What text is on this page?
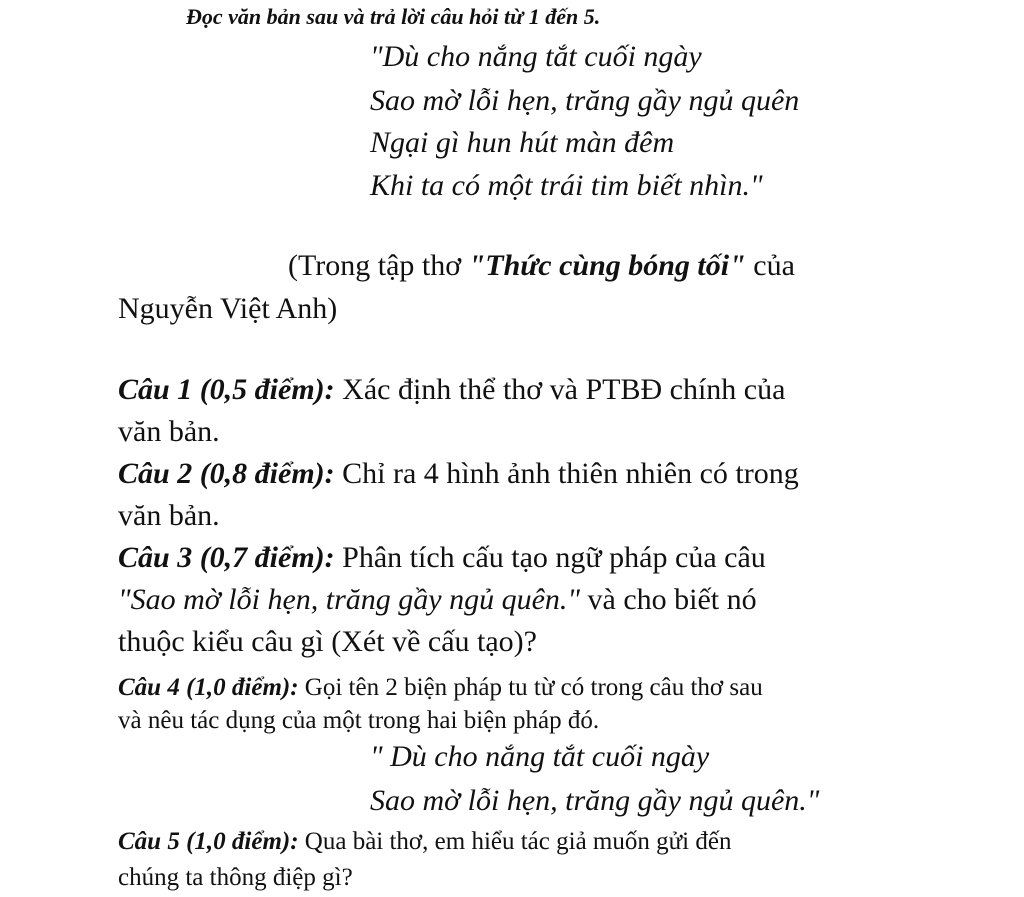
Đọc văn bản sau và trả lời câu hỏi từ 1 đến 5.
"Dù cho nắng tắt cuối ngày
Sao mờ lỗi hẹn, trăng gầy ngủ quên
Ngại gì hun hút màn đêm
Khi ta có một trái tim biết nhìn."
(Trong tập thơ "Thức cùng bóng tối" của
Nguyễn Việt Anh)
Câu 1 (0,5 điểm): Xác định thể thơ và PTBĐ chính của
văn bản.
Câu 2 (0,8 điểm): Chỉ ra 4 hình ảnh thiên nhiên có trong
văn bản.
Câu 3 (0,7 điểm): Phân tích cấu tạo ngữ pháp của câu
"Sao mờ lỗi hẹn, trăng gầy ngủ quên." và cho biết nó
thuộc kiểu câu gì (Xét về cấu tạo)?
Câu 4 (1,0 điểm): Gọi tên 2 biện pháp tu từ có trong câu thơ sau
và nêu tác dụng của một trong hai biện pháp đó.
" Dù cho nắng tắt cuối ngày
Sao mờ lỗi hẹn, trăng gầy ngủ quên."
Câu 5 (1,0 điểm): Qua bài thơ, em hiểu tác giả muốn gửi đến
chúng ta thông điệp gì?
